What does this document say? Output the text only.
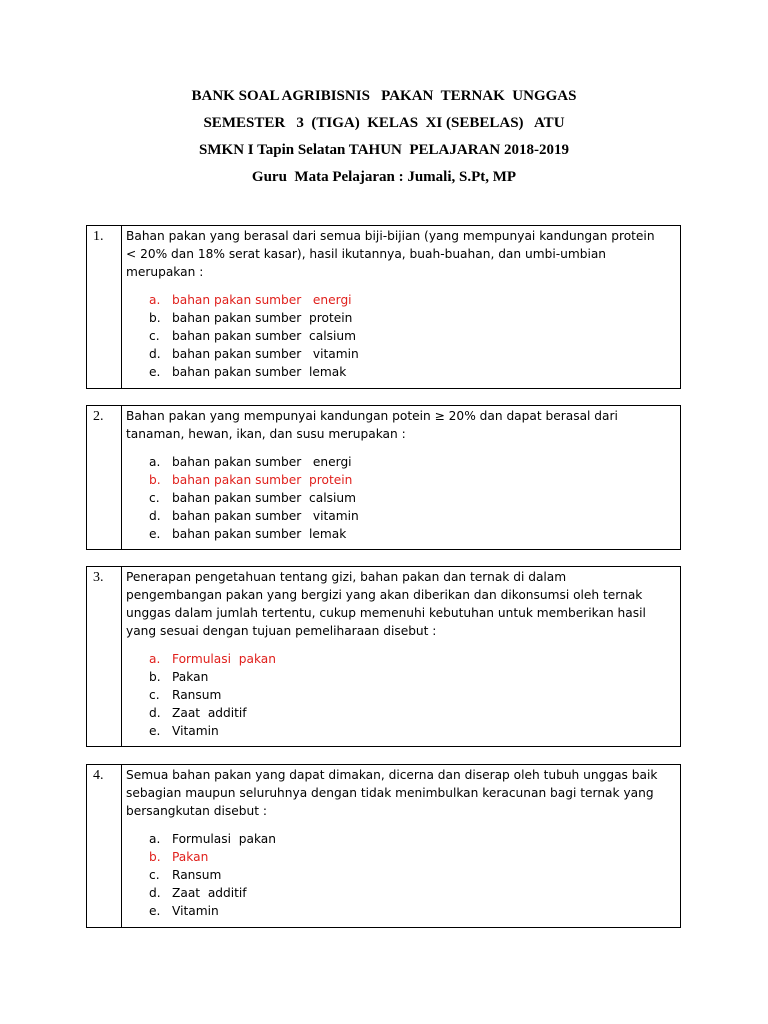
BANK SOAL AGRIBISNIS   PAKAN  TERNAK  UNGGAS
SEMESTER   3  (TIGA)  KELAS  XI (SEBELAS)   ATU
SMKN I Tapin Selatan TAHUN  PELAJARAN 2018-2019
Guru  Mata Pelajaran : Jumali, S.Pt, MP
1.	Bahan pakan yang berasal dari semua biji-bijian (yang mempunyai kandungan protein
< 20% dan 18% serat kasar), hasil ikutannya, buah-buahan, dan umbi-umbian
merupakan :
a. bahan pakan sumber   energi
b. bahan pakan sumber  protein
c.	bahan pakan sumber  calsium
d. bahan pakan sumber   vitamin
e. bahan pakan sumber  lemak
2.	Bahan pakan yang mempunyai kandungan potein ≥ 20% dan dapat berasal dari
tanaman, hewan, ikan, dan susu merupakan :
a. bahan pakan sumber   energi
b. bahan pakan sumber  protein
c.	bahan pakan sumber  calsium
d. bahan pakan sumber   vitamin
e. bahan pakan sumber  lemak
3.	Penerapan pengetahuan tentang gizi, bahan pakan dan ternak di dalam
pengembangan pakan yang bergizi yang akan diberikan dan dikonsumsi oleh ternak
unggas dalam jumlah tertentu, cukup memenuhi kebutuhan untuk memberikan hasil
yang sesuai dengan tujuan pemeliharaan disebut :
a. Formulasi  pakan
b. Pakan
c.	Ransum
d. Zaat  additif
e. Vitamin
4.	Semua bahan pakan yang dapat dimakan, dicerna dan diserap oleh tubuh unggas baik
sebagian maupun seluruhnya dengan tidak menimbulkan keracunan bagi ternak yang
bersangkutan disebut :
a. Formulasi  pakan
b. Pakan
c.	Ransum
d. Zaat  additif
e. Vitamin
